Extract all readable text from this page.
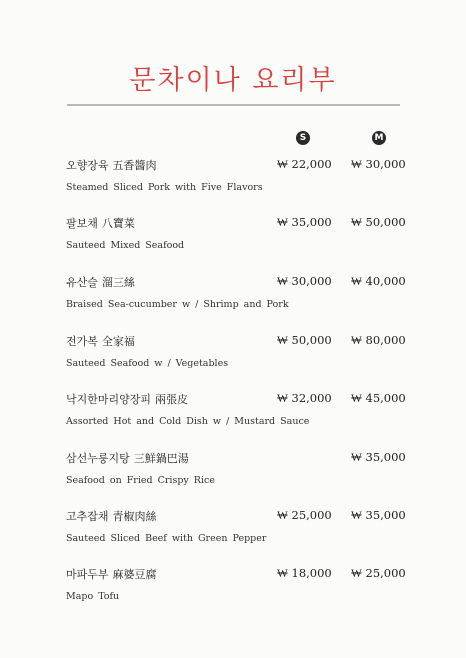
문차이나 요리부
S	M
오향장육 五香醬肉
Steamed Sliced Pork with Five Flavors
₩ 22,000 ₩ 30,000
팔보채 八寶菜
Sauteed Mixed Seafood
₩ 35,000 ₩ 50,000
유산슬 溜三絲
Braised Sea-cucumber w / Shrimp and Pork
₩ 30,000 ₩ 40,000
전가복 全家福
Sauteed Seafood w / Vegetables
₩ 50,000 ₩ 80,000
낙지한마리양장피 兩張皮
Assorted Hot and Cold Dish w / Mustard Sauce
₩ 32,000 ₩ 45,000
삼선누룽지탕 三鮮鍋巴湯
Seafood on Fried Crispy Rice
₩ 35,000
고추잡채 青椒肉絲
Sauteed Sliced Beef with Green Pepper
₩ 25,000 ₩ 35,000
마파두부 麻婆豆腐
Mapo Tofu
₩ 18,000 ₩ 25,000
